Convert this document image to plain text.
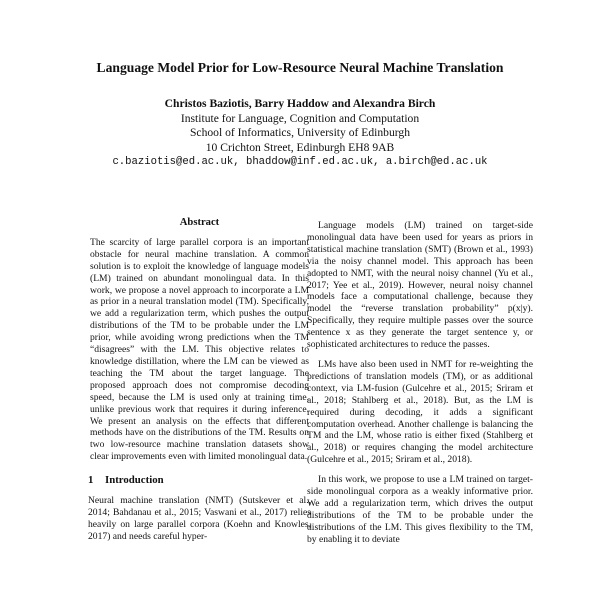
Language Model Prior for Low-Resource Neural Machine Translation
Christos Baziotis, Barry Haddow and Alexandra Birch
Institute for Language, Cognition and Computation
School of Informatics, University of Edinburgh
10 Crichton Street, Edinburgh EH8 9AB
c.baziotis@ed.ac.uk, bhaddow@inf.ed.ac.uk, a.birch@ed.ac.uk
Abstract

The scarcity of large parallel corpora is an important obstacle for neural machine translation. A common solution is to exploit the knowledge of language models (LM) trained on abundant monolingual data. In this work, we propose a novel approach to incorporate a LM as prior in a neural translation model (TM). Specifically, we add a regularization term, which pushes the output distributions of the TM to be probable under the LM prior, while avoiding wrong predictions when the TM “disagrees” with the LM. This objective relates to knowledge distillation, where the LM can be viewed as teaching the TM about the target language. The proposed approach does not compromise decoding speed, because the LM is used only at training time, unlike previous work that requires it during inference. We present an analysis on the effects that different methods have on the distributions of the TM. Results on two low-resource machine translation datasets show clear improvements even with limited monolingual data.

1 Introduction

Neural machine translation (NMT) (Sutskever et al., 2014; Bahdanau et al., 2015; Vaswani et al., 2017) relies heavily on large parallel corpora (Koehn and Knowles, 2017) and needs careful hyper-

Language models (LM) trained on target-side monolingual data have been used for years as priors in statistical machine translation (SMT) (Brown et al., 1993) via the noisy channel model. This approach has been adopted to NMT, with the neural noisy channel (Yu et al., 2017; Yee et al., 2019). However, neural noisy channel models face a computational challenge, because they model the “reverse translation probability” p(x|y). Specifically, they require multiple passes over the source sentence x as they generate the target sentence y, or sophisticated architectures to reduce the passes.

LMs have also been used in NMT for re-weighting the predictions of translation models (TM), or as additional context, via LM-fusion (Gulcehre et al., 2015; Sriram et al., 2018; Stahlberg et al., 2018). But, as the LM is required during decoding, it adds a significant computation overhead. Another challenge is balancing the TM and the LM, whose ratio is either fixed (Stahlberg et al., 2018) or requires changing the model architecture (Gulcehre et al., 2015; Sriram et al., 2018).

In this work, we propose to use a LM trained on target-side monolingual corpora as a weakly informative prior. We add a regularization term, which drives the output distributions of the TM to be probable under the distributions of the LM. This gives flexibility to the TM, by enabling it to deviate
